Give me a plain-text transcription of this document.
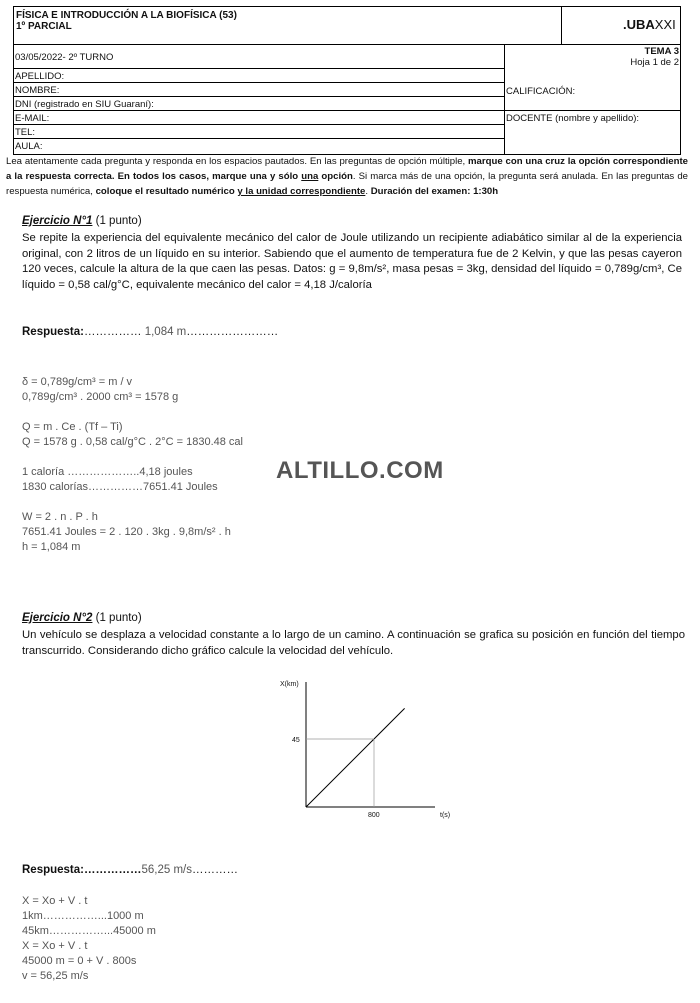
FÍSICA E INTRODUCCIÓN A LA BIOFÍSICA (53)
1º PARCIAL	.UBAXXI
03/05/2022- 2º TURNO
TEMA 3
Hoja 1 de 2
APELLIDO:
NOMBRE:
DNI (registrado en SIU Guaraní):
E-MAIL:
TEL:
AULA:
CALIFICACIÓN:
DOCENTE (nombre y apellido):
Lea atentamente cada pregunta y responda en los espacios pautados. En las preguntas de opción múltiple, marque con una cruz la opción correspondiente a la respuesta correcta. En todos los casos, marque una y sólo una opción. Si marca más de una opción, la pregunta será anulada. En las preguntas de respuesta numérica, coloque el resultado numérico y la unidad correspondiente. Duración del examen: 1:30h
Ejercicio N°1 (1 punto)
Se repite la experiencia del equivalente mecánico del calor de Joule utilizando un recipiente adiabático similar al de la experiencia original, con 2 litros de un líquido en su interior. Sabiendo que el aumento de temperatura fue de 2 Kelvin, y que las pesas cayeron 120 veces, calcule la altura de la que caen las pesas. Datos: g = 9,8m/s², masa pesas = 3kg, densidad del líquido = 0,789g/cm³, Ce líquido = 0,58 cal/g°C, equivalente mecánico del calor = 4,18 J/caloría
Respuesta:…………… 1,084 m……………………
δ = 0,789g/cm³ = m / v
0,789g/cm³ . 2000 cm³ = 1578 g
Q = m . Ce . (Tf – Ti)
Q = 1578 g . 0,58 cal/g°C . 2°C = 1830.48 cal
1 caloría ………………..4,18 joules
1830 calorías……………7651.41 Joules
W = 2 . n . P . h
7651.41 Joules = 2 . 120 . 3kg . 9,8m/s² . h
h = 1,084 m
ALTILLO.COM
Ejercicio N°2 (1 punto)
Un vehículo se desplaza a velocidad constante a lo largo de un camino. A continuación se grafica su posición en función del tiempo transcurrido. Considerando dicho gráfico calcule la velocidad del vehículo.
X(km)
t(s)
45
800
Respuesta:……………56,25 m/s…………
X = Xo + V . t
1km……………...1000 m
45km……………...45000 m
X = Xo + V . t
45000 m = 0 + V . 800s
v = 56,25 m/s
